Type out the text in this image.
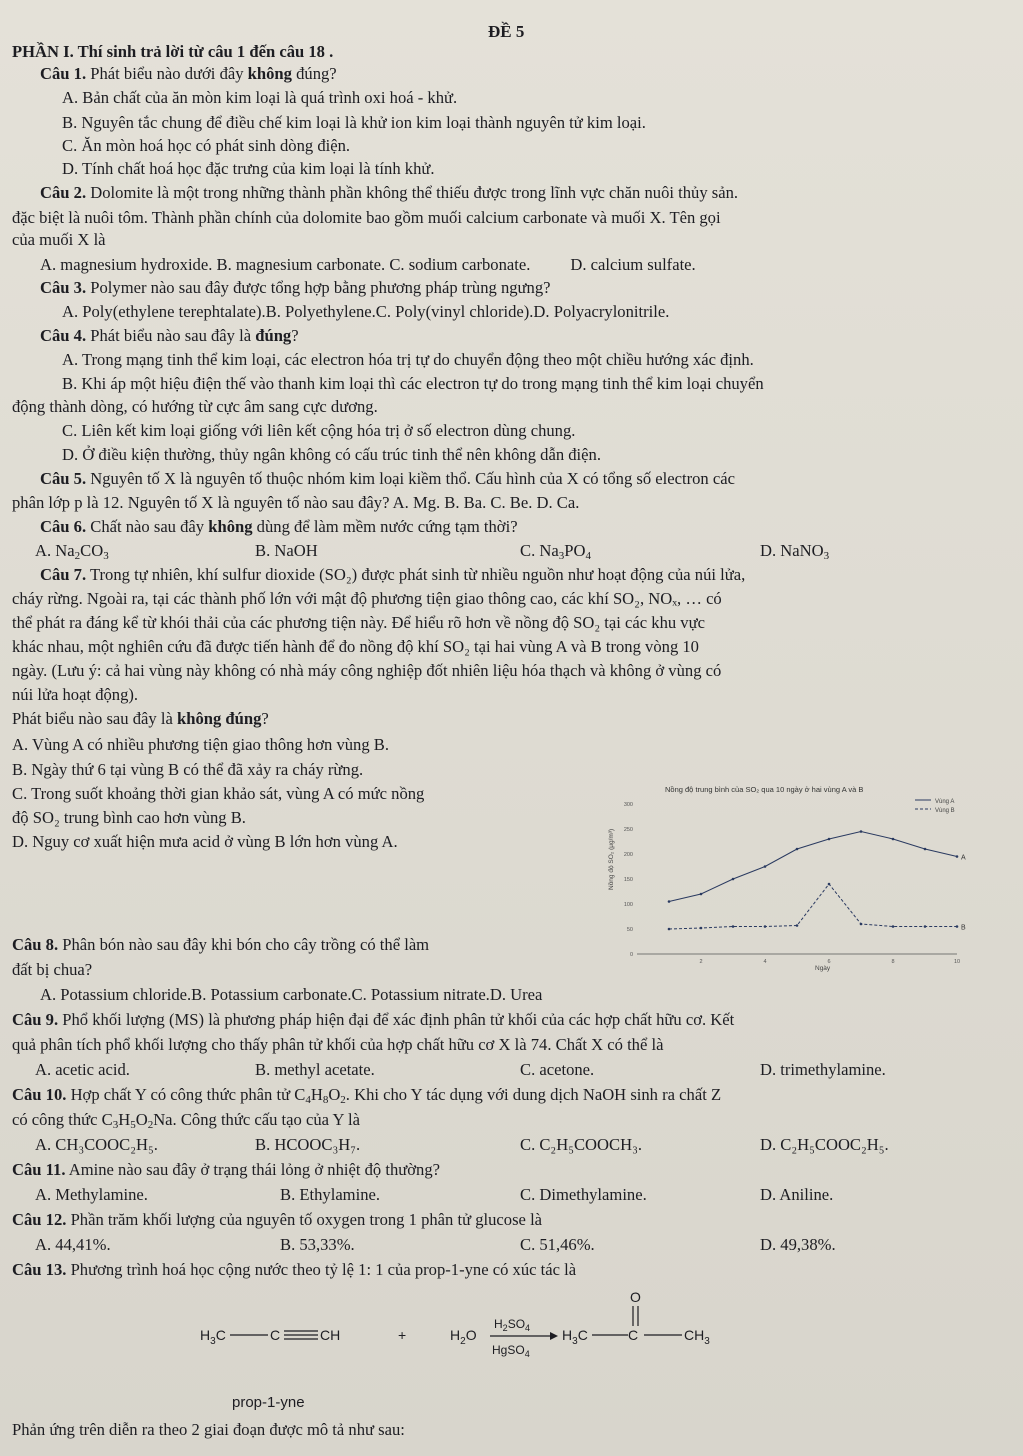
ĐỀ 5
PHẦN I. Thí sinh trả lời từ câu 1 đến câu 18 .
Câu 1. Phát biểu nào dưới đây không đúng?
A. Bản chất của ăn mòn kim loại là quá trình oxi hoá - khử.
B. Nguyên tắc chung để điều chế kim loại là khử ion kim loại thành nguyên tử kim loại.
C. Ăn mòn hoá học có phát sinh dòng điện.
D. Tính chất hoá học đặc trưng của kim loại là tính khử.
Câu 2. Dolomite là một trong những thành phần không thể thiếu được trong lĩnh vực chăn nuôi thủy sản.
đặc biệt là nuôi tôm. Thành phần chính của dolomite bao gồm muối calcium carbonate và muối X. Tên gọi
của muối X là
A. magnesium hydroxide. B. magnesium carbonate. C. sodium carbonate. D. calcium sulfate.
Câu 3. Polymer nào sau đây được tổng hợp bằng phương pháp trùng ngưng?
A. Poly(ethylene terephtalate).B. Polyethylene.C. Poly(vinyl chloride).D. Polyacrylonitrile.
Câu 4. Phát biểu nào sau đây là đúng?
A. Trong mạng tinh thể kim loại, các electron hóa trị tự do chuyển động theo một chiều hướng xác định.
B. Khi áp một hiệu điện thế vào thanh kim loại thì các electron tự do trong mạng tinh thể kim loại chuyển
động thành dòng, có hướng từ cực âm sang cực dương.
C. Liên kết kim loại giống với liên kết cộng hóa trị ở số electron dùng chung.
D. Ở điều kiện thường, thủy ngân không có cấu trúc tinh thể nên không dẫn điện.
Câu 5. Nguyên tố X là nguyên tố thuộc nhóm kim loại kiềm thổ. Cấu hình của X có tổng số electron các
phân lớp p là 12. Nguyên tố X là nguyên tố nào sau đây? A. Mg. B. Ba. C. Be. D. Ca.
Câu 6. Chất nào sau đây không dùng để làm mềm nước cứng tạm thời?
A. $Na_2CO_3$	B. NaOH	C. $Na_3PO_4$	D. NaNO$_3$
Câu 7. Trong tự nhiên, khí sulfur dioxide (SO₂) được phát sinh từ nhiều nguồn như hoạt động của núi lửa,
cháy rừng. Ngoài ra, tại các thành phố lớn với mật độ phương tiện giao thông cao, các khí SO₂, NOₓ, … có
thể phát ra đáng kể từ khói thải của các phương tiện này. Để hiểu rõ hơn về nồng độ SO₂ tại các khu vực
khác nhau, một nghiên cứu đã được tiến hành để đo nồng độ khí SO₂ tại hai vùng A và B trong vòng 10
ngày. (Lưu ý: cả hai vùng này không có nhà máy công nghiệp đốt nhiên liệu hóa thạch và không ở vùng có
núi lửa hoạt động).
Phát biểu nào sau đây là không đúng?
A. Vùng A có nhiều phương tiện giao thông hơn vùng B.
B. Ngày thứ 6 tại vùng B có thể đã xảy ra cháy rừng.
C. Trong suốt khoảng thời gian khảo sát, vùng A có mức nồng
độ SO₂ trung bình cao hơn vùng B.
D. Nguy cơ xuất hiện mưa acid ở vùng B lớn hơn vùng A.
Nồng độ trung bình của SO₂ qua 10 ngày ở hai vùng A và B
Vùng A
Vùng B
Nồng độ SO₂ (μg/m³)
Ngày
0
50
100
150
200
250
300
2	4	6	8	10
A
B
Câu 8. Phân bón nào sau đây khi bón cho cây trồng có thể làm
đất bị chua?
A. Potassium chloride.B. Potassium carbonate.C. Potassium nitrate.D. Urea
Câu 9. Phổ khối lượng (MS) là phương pháp hiện đại để xác định phân tử khối của các hợp chất hữu cơ. Kết
quả phân tích phổ khối lượng cho thấy phân tử khối của hợp chất hữu cơ X là 74. Chất X có thể là
A. acetic acid.	B. methyl acetate.	C. acetone.	D. trimethylamine.
Câu 10. Hợp chất Y có công thức phân tử $C_4H_8O_2$. Khi cho Y tác dụng với dung dịch NaOH sinh ra chất Z
có công thức $C_3H_5O_2Na$. Công thức cấu tạo của Y là
A. CH₃COOC₂H₅.	B. HCOOC₃H₇.	C. C₂H₅COOCH₃.	D. C₂H₅COOC₂H₅.
Câu 11. Amine nào sau đây ở trạng thái lỏng ở nhiệt độ thường?
A. Methylamine.	B. Ethylamine.	C. Dimethylamine.	D. Aniline.
Câu 12. Phần trăm khối lượng của nguyên tố oxygen trong 1 phân tử glucose là
A. 44,41%.	B. 53,33%.	C. 51,46%.	D. 49,38%.
Câu 13. Phương trình hoá học cộng nước theo tỷ lệ 1: 1 của prop-1-yne có xúc tác là
$H_3C$	C	CH	+	$H_2O$
$H_2SO_4$
HgSO$_4$
$H_3C$	C
O
$CH_3$
prop-1-yne
Phản ứng trên diễn ra theo 2 giai đoạn được mô tả như sau:
